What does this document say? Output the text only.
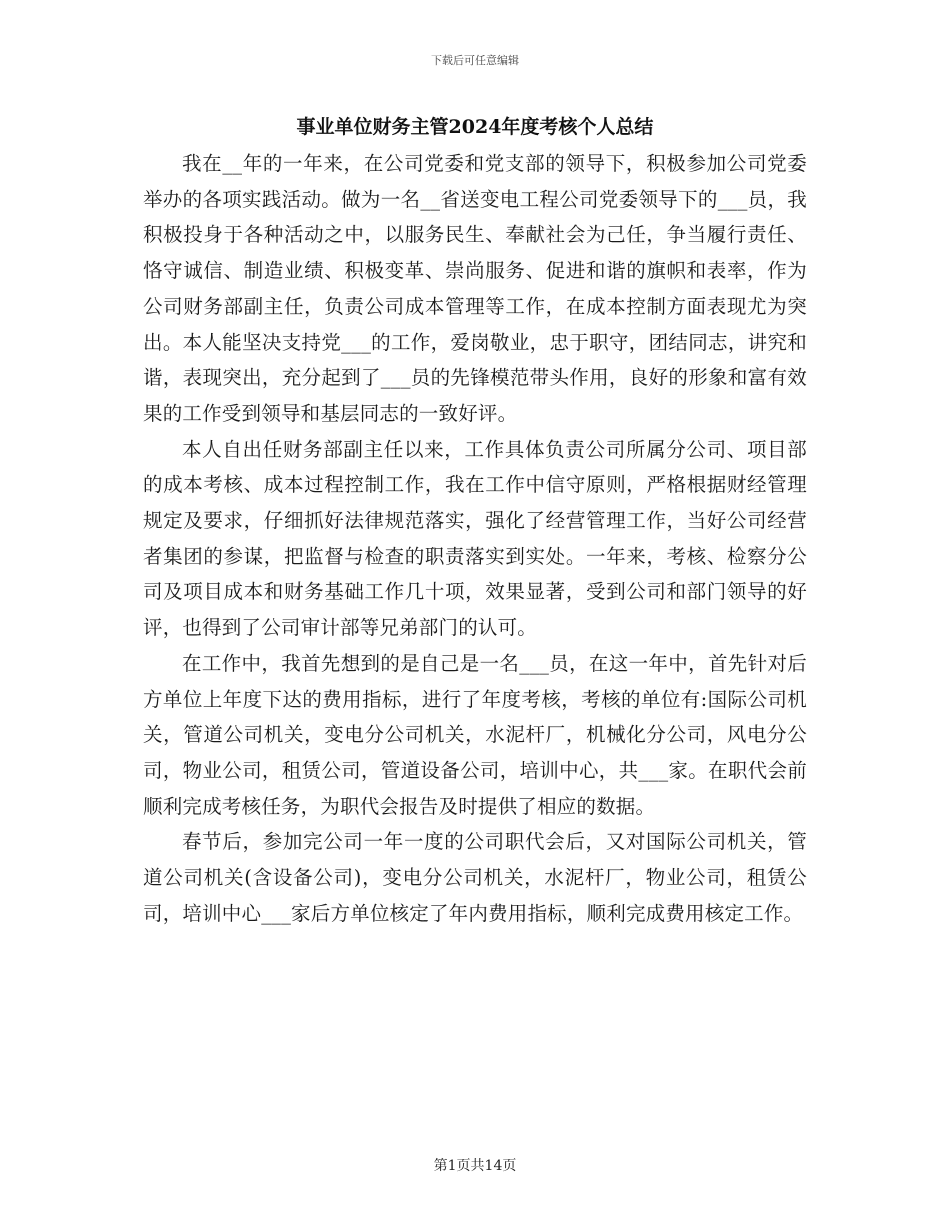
下载后可任意编辑
事业单位财务主管2024年度考核个人总结

我在__年的一年来，在公司党委和党支部的领导下，积极参加公司党委举办的各项实践活动。做为一名__省送变电工程公司党委领导下的___员，我积极投身于各种活动之中，以服务民生、奉献社会为己任，争当履行责任、恪守诚信、制造业绩、积极变革、崇尚服务、促进和谐的旗帜和表率，作为公司财务部副主任，负责公司成本管理等工作，在成本控制方面表现尤为突出。本人能坚决支持党___的工作，爱岗敬业，忠于职守，团结同志，讲究和谐，表现突出，充分起到了___员的先锋模范带头作用，良好的形象和富有效果的工作受到领导和基层同志的一致好评。

本人自出任财务部副主任以来，工作具体负责公司所属分公司、项目部的成本考核、成本过程控制工作，我在工作中信守原则，严格根据财经管理规定及要求，仔细抓好法律规范落实，强化了经营管理工作，当好公司经营者集团的参谋，把监督与检查的职责落实到实处。一年来，考核、检察分公司及项目成本和财务基础工作几十项，效果显著，受到公司和部门领导的好评，也得到了公司审计部等兄弟部门的认可。

在工作中，我首先想到的是自己是一名___员，在这一年中，首先针对后方单位上年度下达的费用指标，进行了年度考核，考核的单位有:国际公司机关，管道公司机关，变电分公司机关，水泥杆厂，机械化分公司，风电分公司，物业公司，租赁公司，管道设备公司，培训中心，共___家。在职代会前顺利完成考核任务，为职代会报告及时提供了相应的数据。

春节后，参加完公司一年一度的公司职代会后，又对国际公司机关，管道公司机关(含设备公司)，变电分公司机关，水泥杆厂，物业公司，租赁公司，培训中心___家后方单位核定了年内费用指标，顺利完成费用核定工作。

第1页共14页
